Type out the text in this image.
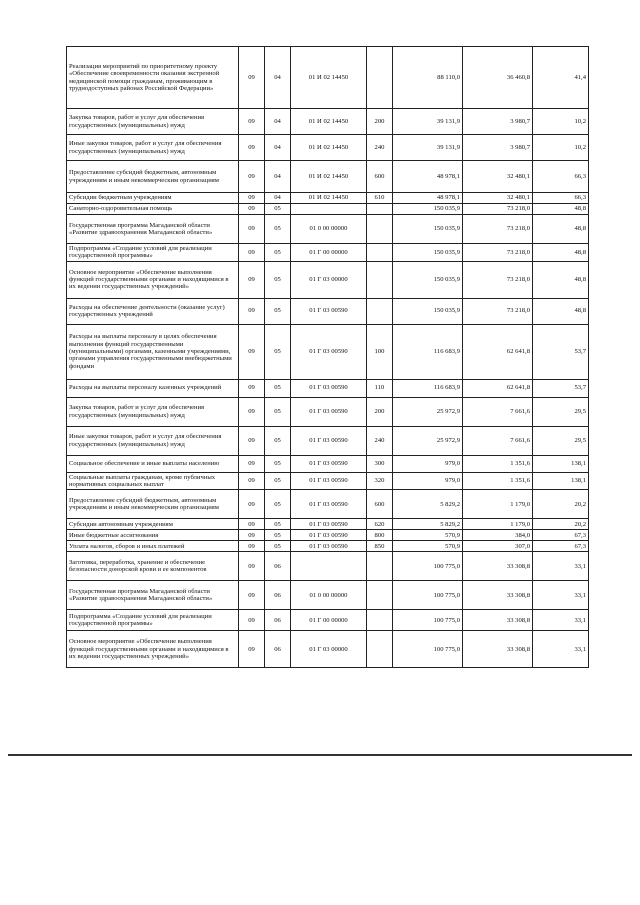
Реализация мероприятий по приоритетному проекту «Обеспечение своевременности оказания экстренной медицинской помощи гражданам, проживающим в труднодоступных районах Российской Федерации»	09	04	01 И 02 14450		88 110,0	36 460,8	41,4
Закупка товаров, работ и услуг для обеспечения государственных (муниципальных) нужд	09	04	01 И 02 14450	200	39 131,9	3 980,7	10,2
Иные закупки товаров, работ и услуг для обеспечения государственных (муниципальных) нужд	09	04	01 И 02 14450	240	39 131,9	3 980,7	10,2
Предоставление субсидий бюджетным, автономным учреждениям и иным некоммерческим организациям	09	04	01 И 02 14450	600	48 978,1	32 480,1	66,3
Субсидии бюджетным учреждениям	09	04	01 И 02 14450	610	48 978,1	32 480,1	66,3
Санаторно-оздоровительная помощь	09	05			150 035,9	73 218,0	48,8
Государственная программа Магаданской области «Развитие здравоохранения Магаданской области»	09	05	01 0 00 00000		150 035,9	73 218,0	48,8
Подпрограмма «Создание условий для реализации государственной программы»	09	05	01 Г 00 00000		150 035,9	73 218,0	48,8
Основное мероприятие «Обеспечение выполнения функций государственными органами и находящимися в их ведении государственных учреждений»	09	05	01 Г 03 00000		150 035,9	73 218,0	48,8
Расходы на обеспечение деятельности (оказание услуг) государственных учреждений	09	05	01 Г 03 00590		150 035,9	73 218,0	48,8
Расходы на выплаты персоналу в целях обеспечения выполнения функций государственными (муниципальными) органами, казенными учреждениями, органами управления государственными внебюджетными фондами	09	05	01 Г 03 00590	100	116 683,9	62 641,8	53,7
Расходы на выплаты персоналу казенных учреждений	09	05	01 Г 03 00590	110	116 683,9	62 641,8	53,7
Закупка товаров, работ и услуг для обеспечения государственных (муниципальных) нужд	09	05	01 Г 03 00590	200	25 972,9	7 661,6	29,5
Иные закупки товаров, работ и услуг для обеспечения государственных (муниципальных) нужд	09	05	01 Г 03 00590	240	25 972,9	7 661,6	29,5
Социальное обеспечение и иные выплаты населению	09	05	01 Г 03 00590	300	979,0	1 351,6	138,1
Социальные выплаты гражданам, кроме публичных нормативных социальных выплат	09	05	01 Г 03 00590	320	979,0	1 351,6	138,1
Предоставление субсидий бюджетным, автономным учреждениям и иным некоммерческим организациям	09	05	01 Г 03 00590	600	5 829,2	1 179,0	20,2
Субсидии автономным учреждениям	09	05	01 Г 03 00590	620	5 829,2	1 179,0	20,2
Иные бюджетные ассигнования	09	05	01 Г 03 00590	800	570,9	384,0	67,3
Уплата налогов, сборов и иных платежей	09	05	01 Г 03 00590	850	570,9	307,0	67,3
Заготовка, переработка, хранение и обеспечение безопасности донорской крови и ее компонентов	09	06			100 775,0	33 308,8	33,1
Государственная программа Магаданской области «Развитие здравоохранения Магаданской области»	09	06	01 0 00 00000		100 775,0	33 308,8	33,1
Подпрограмма «Создание условий для реализации государственной программы»	09	06	01 Г 00 00000		100 775,0	33 308,8	33,1
Основное мероприятие «Обеспечение выполнения функций государственными органами и находящимися в их ведении государственных учреждений»	09	06	01 Г 03 00000		100 775,0	33 308,8	33,1
